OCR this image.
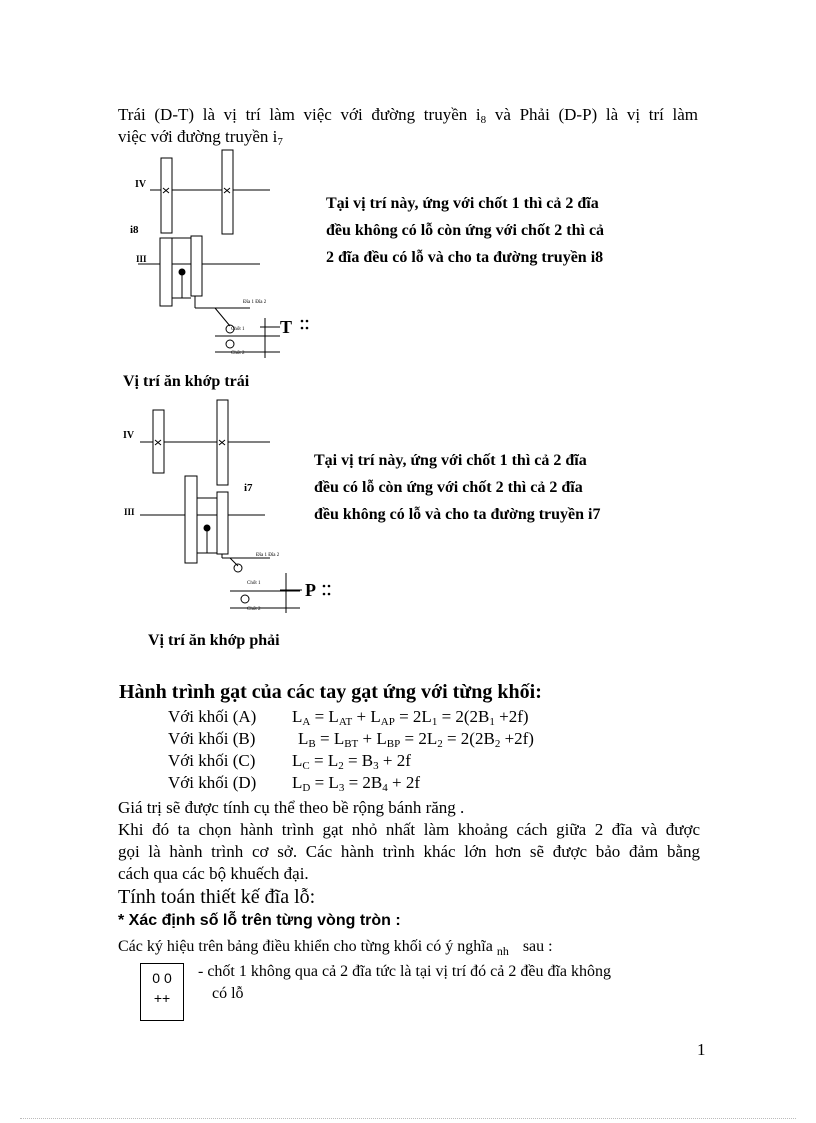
Trái (D-T) là vị trí làm việc với đường truyền $i_8$ và Phải (D-P) là vị trí làm
việc với đường truyền $i_7$
IV
i8
III
Đĩa 1 Đĩa 2
Chốt 1
Chốt 2
T
Tại vị trí này, ứng với chốt 1 thì cả 2 đĩa
đều không có lỗ còn ứng với chốt 2 thì cả
2 đĩa đều có lỗ và cho ta đường truyền i8
Vị trí ăn khớp trái
IV
i7
III
Đĩa 1 Đĩa 2
Chốt 1
Chốt 2
P
Tại vị trí này, ứng với chốt 1 thì cả 2 đĩa
đều có lỗ còn ứng với chốt 2 thì cả 2 đĩa
đều không có lỗ và cho ta đường truyền i7
Vị trí ăn khớp phải
Hành trình gạt của các tay gạt ứng với từng khối:
Với khối (A) $L_A = L_{AT} + L_{AP} = 2L_1 = 2(2B_1 +2f)$
Với khối (B)	$L_B = L_{BT} + L_{BP} = 2L_2 = 2(2B_2 +2f)$
Với khối (C) $L_C = L_2 = B_3 + 2f$
Với khối (D) $L_D = L_3 = 2B_4 + 2f$
Giá trị sẽ được tính cụ thể theo bề rộng bánh răng .
Khi đó ta chọn hành trình gạt nhỏ nhất làm khoảng cách giữa 2 đĩa và được
gọi là hành trình cơ sở. Các hành trình khác lớn hơn sẽ được bảo đảm bằng
cách qua các bộ khuếch đại.
Tính toán thiết kế đĩa lỗ:
* Xác định số lỗ trên từng vòng tròn :
Các ký hiệu trên bảng điều khiển cho từng khối có ý nghĩa $_{nh}$ sau :
0 0
++
- chốt 1 không qua cả 2 đĩa tức là tại vị trí đó cả 2 đều đĩa không
có lỗ
1
